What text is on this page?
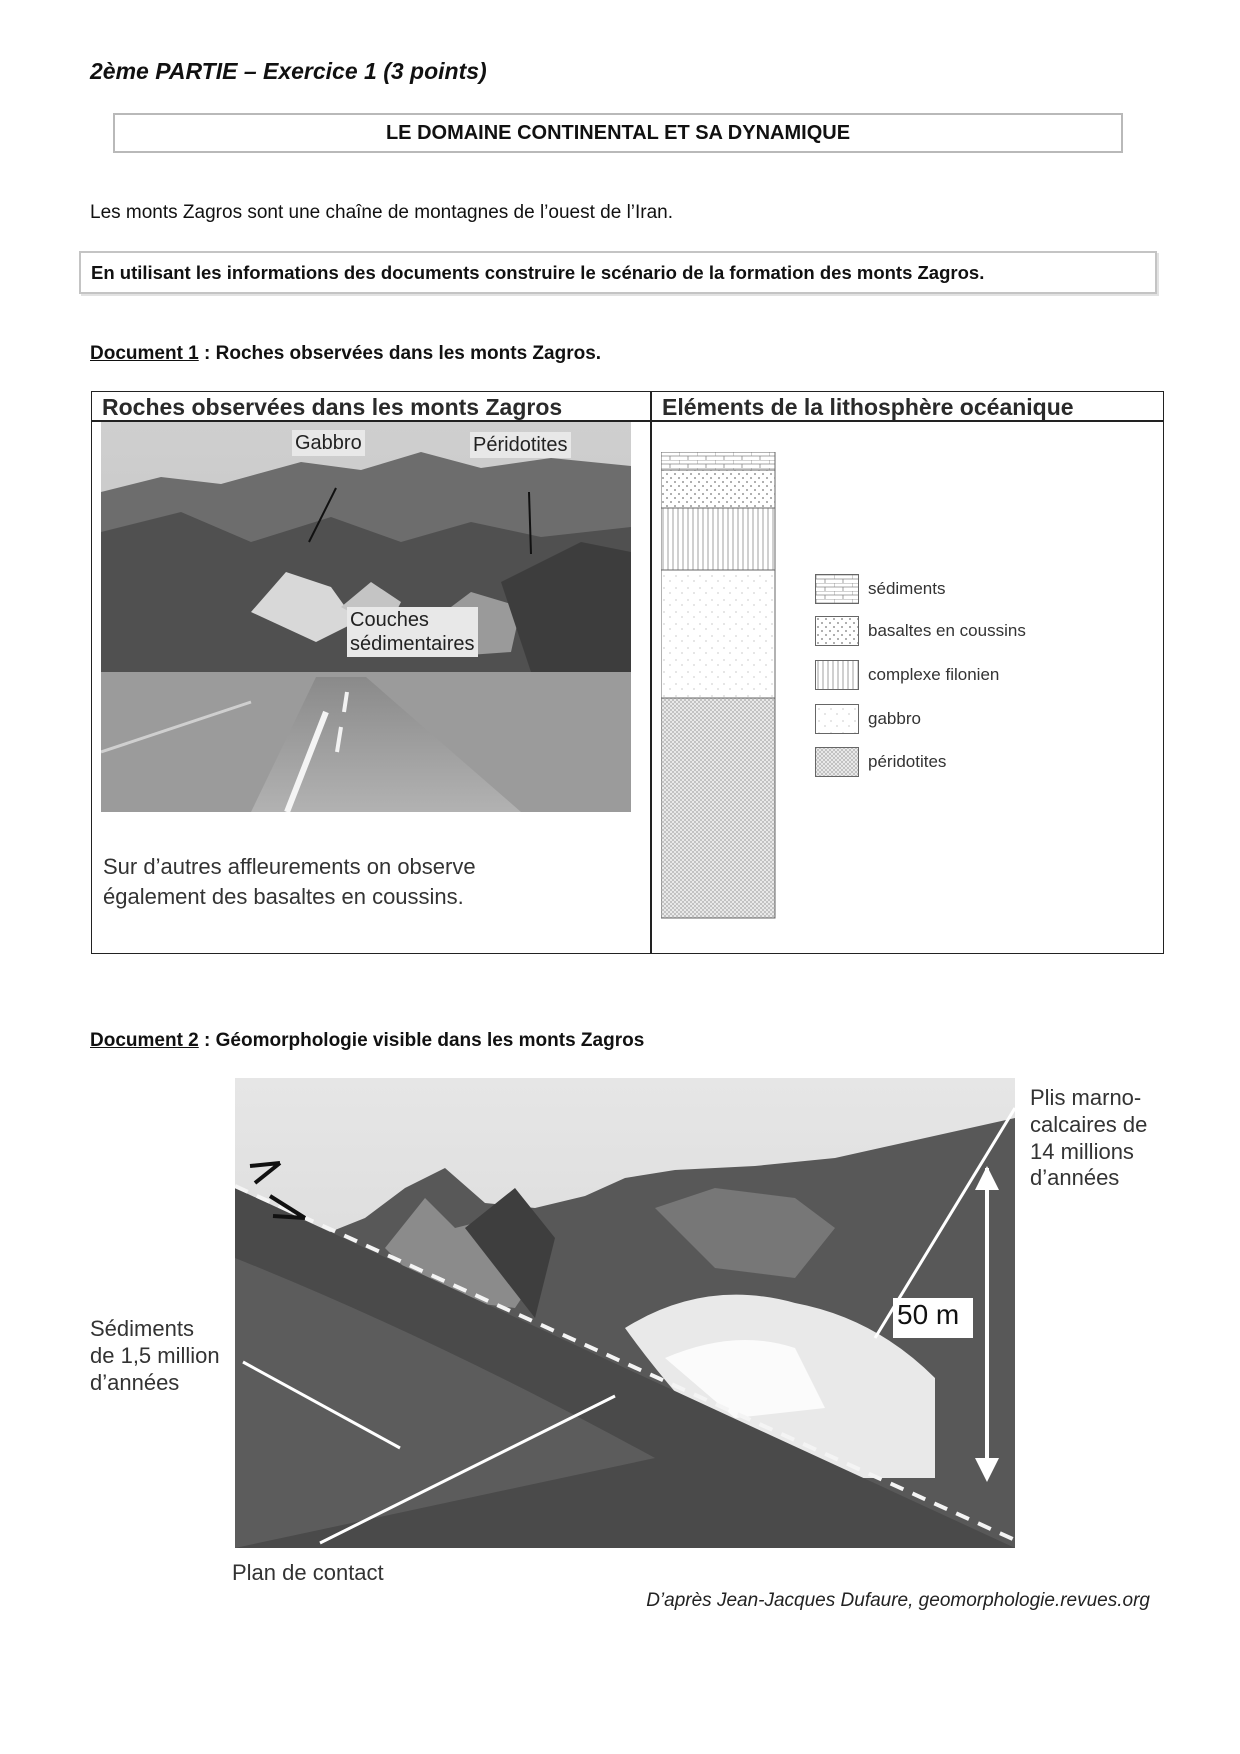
2ème PARTIE – Exercice 1 (3 points)
LE DOMAINE CONTINENTAL ET SA DYNAMIQUE
Les monts Zagros sont une chaîne de montagnes de l’ouest de l’Iran.
En utilisant les informations des documents construire le scénario de la formation des monts Zagros.
Document 1 : Roches observées dans les monts Zagros.
Roches observées dans les monts Zagros	Eléments de la lithosphère océanique
Gabbro	Péridotites
Couches
sédimentaires
Sur d’autres affleurements on observe
également des basaltes en coussins.
sédiments
basaltes en coussins
complexe filonien
gabbro
péridotites
Document 2 : Géomorphologie visible dans les monts Zagros
50 m
Plis marno-
calcaires de
14 millions
d’années
Sédiments
de 1,5 million
d’années
Plan de contact
D’après Jean-Jacques Dufaure, geomorphologie.revues.org
